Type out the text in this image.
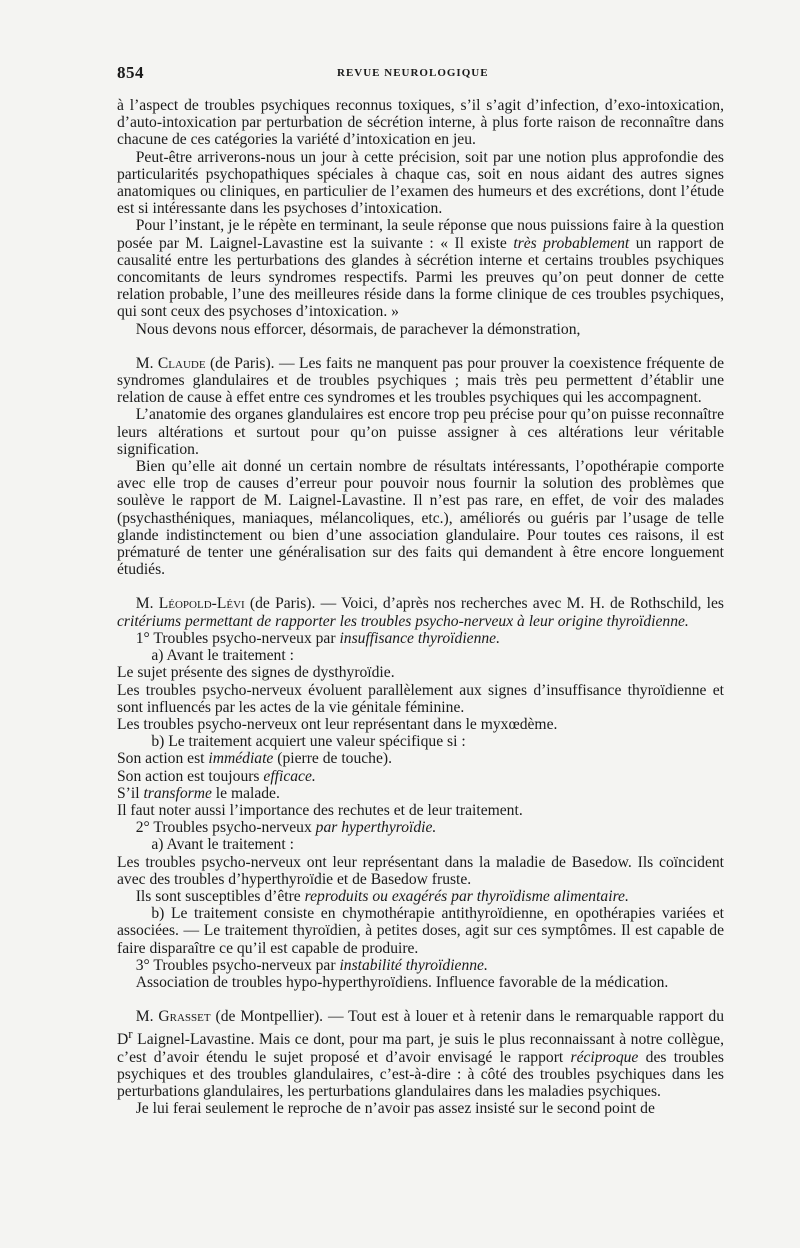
854	REVUE NEUROLOGIQUE

à l’aspect de troubles psychiques reconnus toxiques, s’il s’agit d’infection, d’exo-intoxication, d’auto-intoxication par perturbation de sécrétion interne, à plus forte raison de reconnaître dans chacune de ces catégories la variété d’intoxication en jeu.

Peut-être arriverons-nous un jour à cette précision, soit par une notion plus approfondie des particularités psychopathiques spéciales à chaque cas, soit en nous aidant des autres signes anatomiques ou cliniques, en particulier de l’examen des humeurs et des excrétions, dont l’étude est si intéressante dans les psychoses d’intoxication.

Pour l’instant, je le répète en terminant, la seule réponse que nous puissions faire à la question posée par M. Laignel-Lavastine est la suivante : « Il existe très probablement un rapport de causalité entre les perturbations des glandes à sécrétion interne et certains troubles psychiques concomitants de leurs syndromes respectifs. Parmi les preuves qu’on peut donner de cette relation probable, l’une des meilleures réside dans la forme clinique de ces troubles psychiques, qui sont ceux des psychoses d’intoxication. »

Nous devons nous efforcer, désormais, de parachever la démonstration,

M. Claude (de Paris). — Les faits ne manquent pas pour prouver la coexistence fréquente de syndromes glandulaires et de troubles psychiques ; mais très peu permettent d’établir une relation de cause à effet entre ces syndromes et les troubles psychiques qui les accompagnent.

L’anatomie des organes glandulaires est encore trop peu précise pour qu’on puisse reconnaître leurs altérations et surtout pour qu’on puisse assigner à ces altérations leur véritable signification.

Bien qu’elle ait donné un certain nombre de résultats intéressants, l’opothérapie comporte avec elle trop de causes d’erreur pour pouvoir nous fournir la solution des problèmes que soulève le rapport de M. Laignel-Lavastine. Il n’est pas rare, en effet, de voir des malades (psychasthéniques, maniaques, mélancoliques, etc.), améliorés ou guéris par l’usage de telle glande indistinctement ou bien d’une association glandulaire. Pour toutes ces raisons, il est prématuré de tenter une généralisation sur des faits qui demandent à être encore longuement étudiés.

M. Léopold-Lévi (de Paris). — Voici, d’après nos recherches avec M. H. de Rothschild, les critériums permettant de rapporter les troubles psycho-nerveux à leur origine thyroïdienne.

1° Troubles psycho-nerveux par insuffisance thyroïdienne.

a) Avant le traitement :

Le sujet présente des signes de dysthyroïdie.

Les troubles psycho-nerveux évoluent parallèlement aux signes d’insuffisance thyroïdienne et sont influencés par les actes de la vie génitale féminine.

Les troubles psycho-nerveux ont leur représentant dans le myxœdème.

b) Le traitement acquiert une valeur spécifique si :

Son action est immédiate (pierre de touche).

Son action est toujours efficace.

S’il transforme le malade.

Il faut noter aussi l’importance des rechutes et de leur traitement.

2° Troubles psycho-nerveux par hyperthyroïdie.

a) Avant le traitement :

Les troubles psycho-nerveux ont leur représentant dans la maladie de Basedow. Ils coïncident avec des troubles d’hyperthyroïdie et de Basedow fruste.

Ils sont susceptibles d’être reproduits ou exagérés par thyroïdisme alimentaire.

b) Le traitement consiste en chymothérapie antithyroïdienne, en opothérapies variées et associées. — Le traitement thyroïdien, à petites doses, agit sur ces symptômes. Il est capable de faire disparaître ce qu’il est capable de produire.

3° Troubles psycho-nerveux par instabilité thyroïdienne.

Association de troubles hypo-hyperthyroïdiens. Influence favorable de la médication.

M. Grasset (de Montpellier). — Tout est à louer et à retenir dans le remarquable rapport du $D^r$ Laignel-Lavastine. Mais ce dont, pour ma part, je suis le plus reconnaissant à notre collègue, c’est d’avoir étendu le sujet proposé et d’avoir envisagé le rapport réciproque des troubles psychiques et des troubles glandulaires, c’est-à-dire : à côté des troubles psychiques dans les perturbations glandulaires, les perturbations glandulaires dans les maladies psychiques.

Je lui ferai seulement le reproche de n’avoir pas assez insisté sur le second point de
